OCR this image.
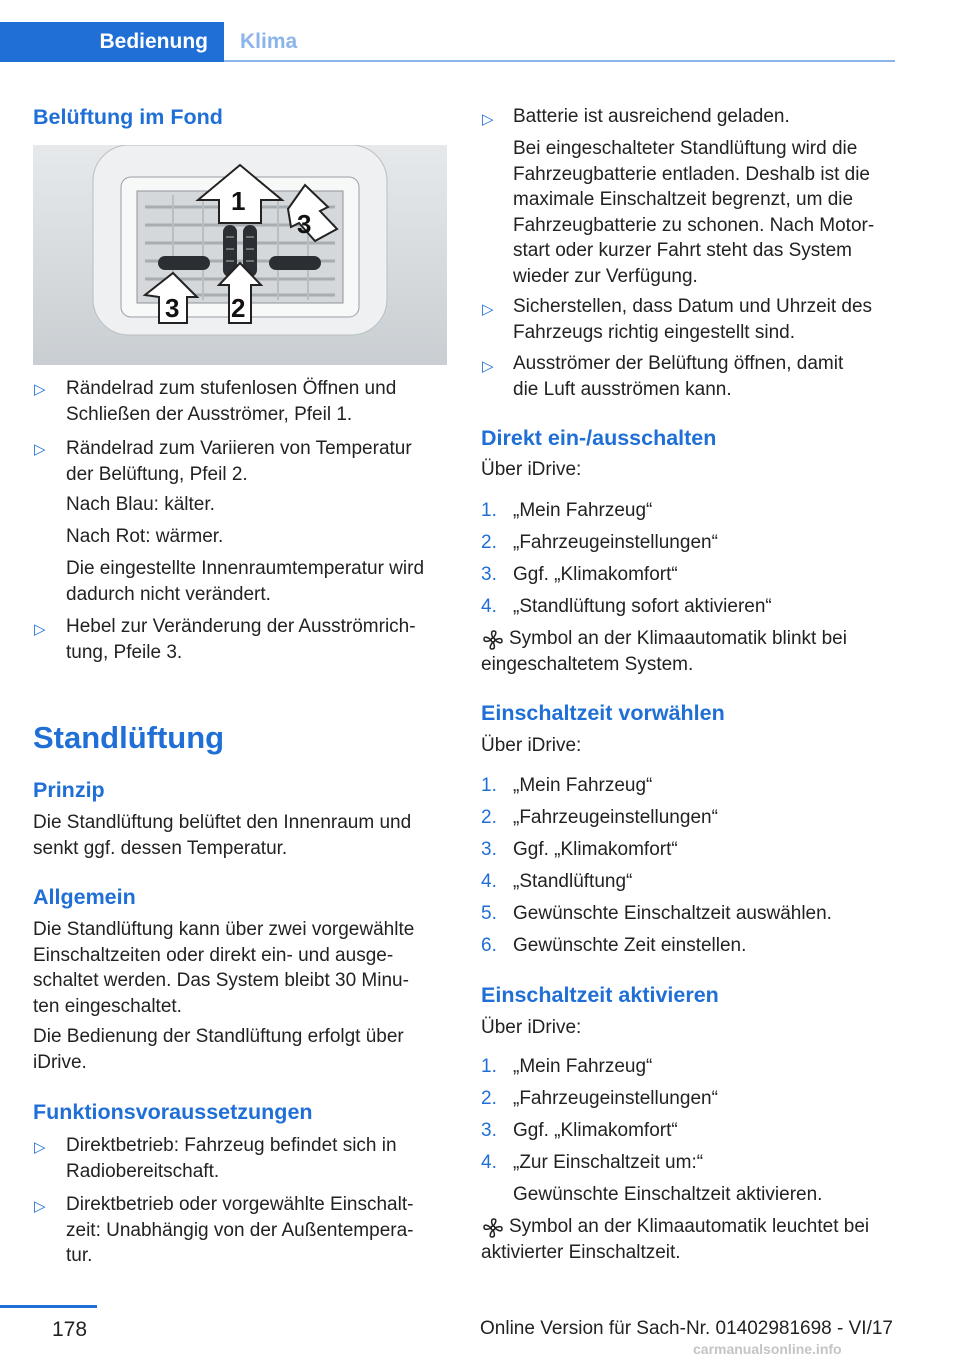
Bedienung Klima
Belüftung im Fond
1
2
3
3
▷ Rändelrad zum stufenlosen Öffnen und
Schließen der Ausströmer, Pfeil 1.
▷ Rändelrad zum Variieren von Temperatur
der Belüftung, Pfeil 2.
Nach Blau: kälter.
Nach Rot: wärmer.
Die eingestellte Innenraumtemperatur wird
dadurch nicht verändert.
▷ Hebel zur Veränderung der Ausströmrich‐
tung, Pfeile 3.
Standlüftung
Prinzip
Die Standlüftung belüftet den Innenraum und
senkt ggf. dessen Temperatur.
Allgemein
Die Standlüftung kann über zwei vorgewählte
Einschaltzeiten oder direkt ein- und ausge‐
schaltet werden. Das System bleibt 30 Minu‐
ten eingeschaltet.
Die Bedienung der Standlüftung erfolgt über
iDrive.
Funktionsvoraussetzungen
▷ Direktbetrieb: Fahrzeug befindet sich in
Radiobereitschaft.
▷ Direktbetrieb oder vorgewählte Einschalt‐
zeit: Unabhängig von der Außentempera‐
tur.
▷ Batterie ist ausreichend geladen.
Bei eingeschalteter Standlüftung wird die
Fahrzeugbatterie entladen. Deshalb ist die
maximale Einschaltzeit begrenzt, um die
Fahrzeugbatterie zu schonen. Nach Motor‐
start oder kurzer Fahrt steht das System
wieder zur Verfügung.
▷ Sicherstellen, dass Datum und Uhrzeit des
Fahrzeugs richtig eingestellt sind.
▷ Ausströmer der Belüftung öffnen, damit
die Luft ausströmen kann.
Direkt ein-/ausschalten
Über iDrive:
1. „Mein Fahrzeug“
2. „Fahrzeugeinstellungen“
3. Ggf. „Klimakomfort“
4. „Standlüftung sofort aktivieren“
Symbol an der Klimaautomatik blinkt bei
eingeschaltetem System.
Einschaltzeit vorwählen
Über iDrive:
1. „Mein Fahrzeug“
2. „Fahrzeugeinstellungen“
3. Ggf. „Klimakomfort“
4. „Standlüftung“
5. Gewünschte Einschaltzeit auswählen.
6. Gewünschte Zeit einstellen.
Einschaltzeit aktivieren
Über iDrive:
1. „Mein Fahrzeug“
2. „Fahrzeugeinstellungen“
3. Ggf. „Klimakomfort“
4. „Zur Einschaltzeit um:“
Gewünschte Einschaltzeit aktivieren.
Symbol an der Klimaautomatik leuchtet bei
aktivierter Einschaltzeit.
178	Online Version für Sach-Nr. 01402981698 - VI/17
carmanualsonline.info
